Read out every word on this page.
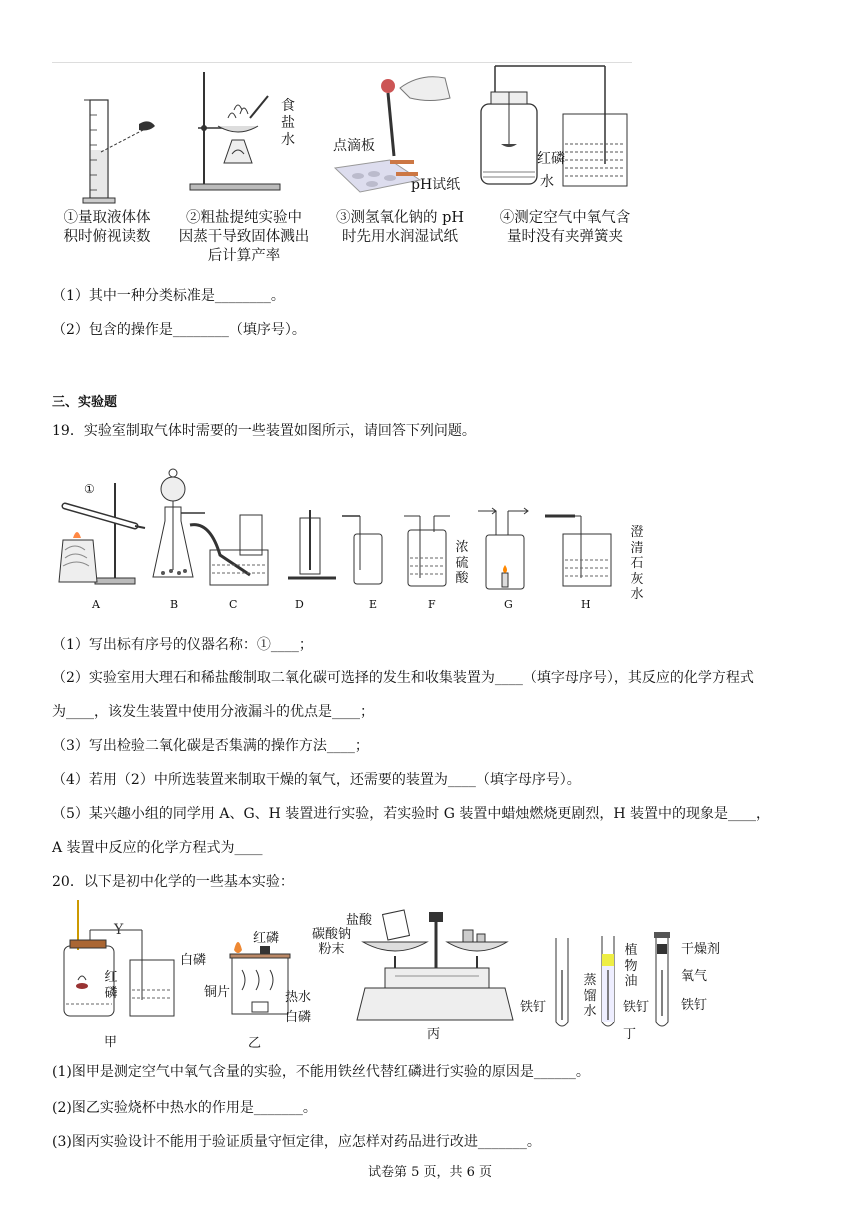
①量取液体体
积时俯视读数
食
盐
水
②粗盐提纯实验中
因蒸干导致固体溅出
后计算产率
点滴板
pH试纸
③测氢氧化钠的 pH
时先用水润湿试纸
红磷
水
④测定空气中氧气含
量时没有夹弹簧夹
（1）其中一种分类标准是________。
（2）包含的操作是________（填序号）。
三、实验题
19．实验室制取气体时需要的一些装置如图所示，请回答下列问题。
①
浓
硫
酸
澄
清
石
灰
水
A	B	C	D	E	F	G	H
（1）写出标有序号的仪器名称：①____；
（2）实验室用大理石和稀盐酸制取二氧化碳可选择的发生和收集装置为____（填字母序号），其反应的化学方程式
为____，该发生装置中使用分液漏斗的优点是____；
（3）写出检验二氧化碳是否集满的操作方法____；
（4）若用（2）中所选装置来制取干燥的氧气，还需要的装置为____（填字母序号）。
（5）某兴趣小组的同学用 A、G、H 装置进行实验，若实验时 G 装置中蜡烛燃烧更剧烈，H 装置中的现象是____，
A 装置中反应的化学方程式为____
20．以下是初中化学的一些基本实验：
Y
红
磷
甲
白磷
红磷
铜片	热水
白磷
乙
盐酸
碳酸钠
粉末
丙
铁钉
蒸
馏
水
植
物
油
铁钉
干燥剂
氧气
铁钉
丁
(1)图甲是测定空气中氧气含量的实验，不能用铁丝代替红磷进行实验的原因是______。
(2)图乙实验烧杯中热水的作用是_______。
(3)图丙实验设计不能用于验证质量守恒定律，应怎样对药品进行改进_______。
试卷第 5 页，共 6 页
